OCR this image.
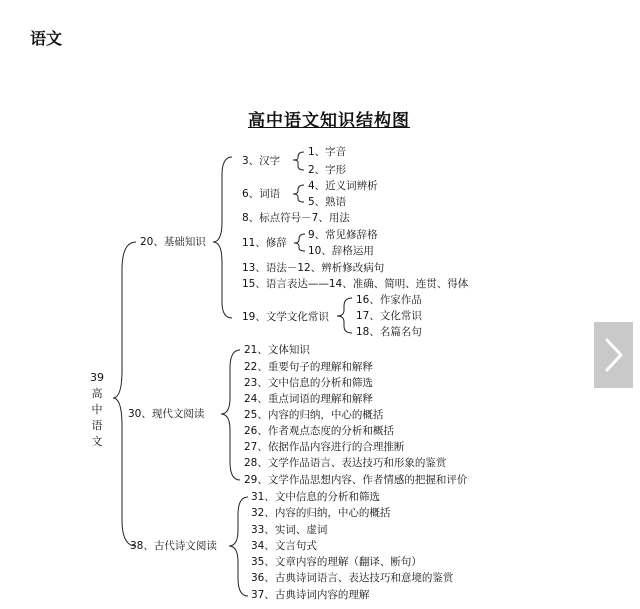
语文
高中语文知识结构图
39
高
中
语
文
20、基础知识
30、现代文阅读
38、古代诗文阅读
3、汉字
6、词语
8、标点符号－7、用法
11、修辞
13、语法－12、辨析修改病句
15、语言表达——14、准确、简明、连贯、得体
19、文学文化常识
1、字音
2、字形
4、近义词辨析
5、熟语
9、常见修辞格
10、辞格运用
16、作家作品
17、文化常识
18、名篇名句
21、文体知识
22、重要句子的理解和解释
23、文中信息的分析和筛选
24、重点词语的理解和解释
25、内容的归纳，中心的概括
26、作者观点态度的分析和概括
27、依据作品内容进行的合理推断
28、文学作品语言、表达技巧和形象的鉴赏
29、文学作品思想内容、作者情感的把握和评价
31、文中信息的分析和筛选
32、内容的归纳，中心的概括
33、实词、虚词
34、文言句式
35、文章内容的理解（翻译、断句）
36、古典诗词语言、表达技巧和意境的鉴赏
37、古典诗词内容的理解
